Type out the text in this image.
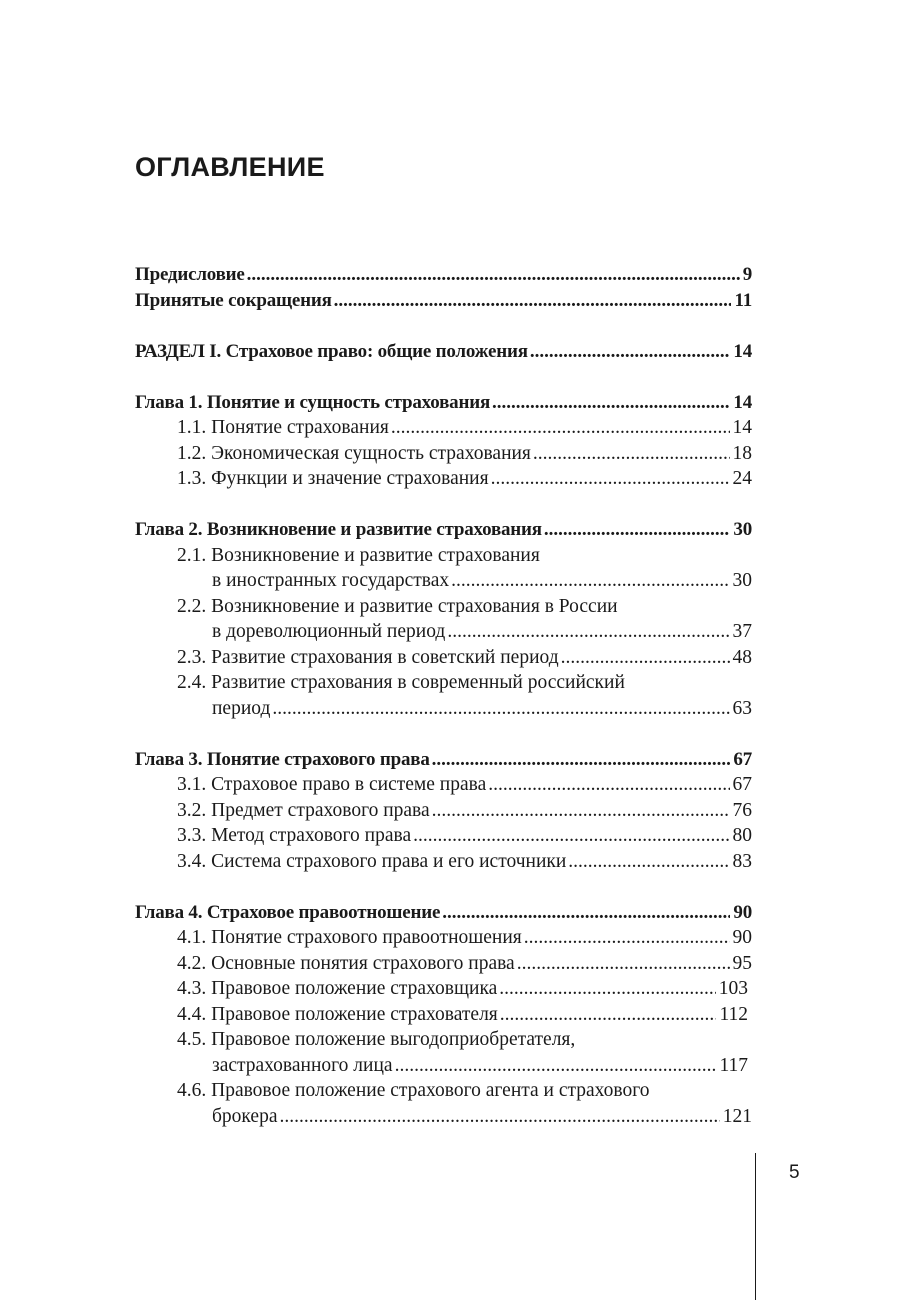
ОГЛАВЛЕНИЕ
Предисловие .....	9
Принятые сокращения .....	11
РАЗДЕЛ I. Страховое право: общие положения .....	14
Глава 1. Понятие и сущность страхования .....	14
1.1. Понятие страхования .....	14
1.2. Экономическая сущность страхования .....	18
1.3. Функции и значение страхования .....	24
Глава 2. Возникновение и развитие страхования .....	30
2.1. Возникновение и развитие страхования
в иностранных государствах .....	30
2.2. Возникновение и развитие страхования в России
в дореволюционный период .....	37
2.3. Развитие страхования в советский период .....	48
2.4. Развитие страхования в современный российский
период .....	63
Глава 3. Понятие страхового права .....	67
3.1. Страховое право в системе права .....	67
3.2. Предмет страхового права .....	76
3.3. Метод страхового права .....	80
3.4. Система страхового права и его источники .....	83
Глава 4. Страховое правоотношение .....	90
4.1. Понятие страхового правоотношения .....	90
4.2. Основные понятия страхового права .....	95
4.3. Правовое положение страховщика .....	103
4.4. Правовое положение страхователя .....	112
4.5. Правовое положение выгодоприобретателя,
застрахованного лица .....	117
4.6. Правовое положение страхового агента и страхового
брокера .....	121
5
